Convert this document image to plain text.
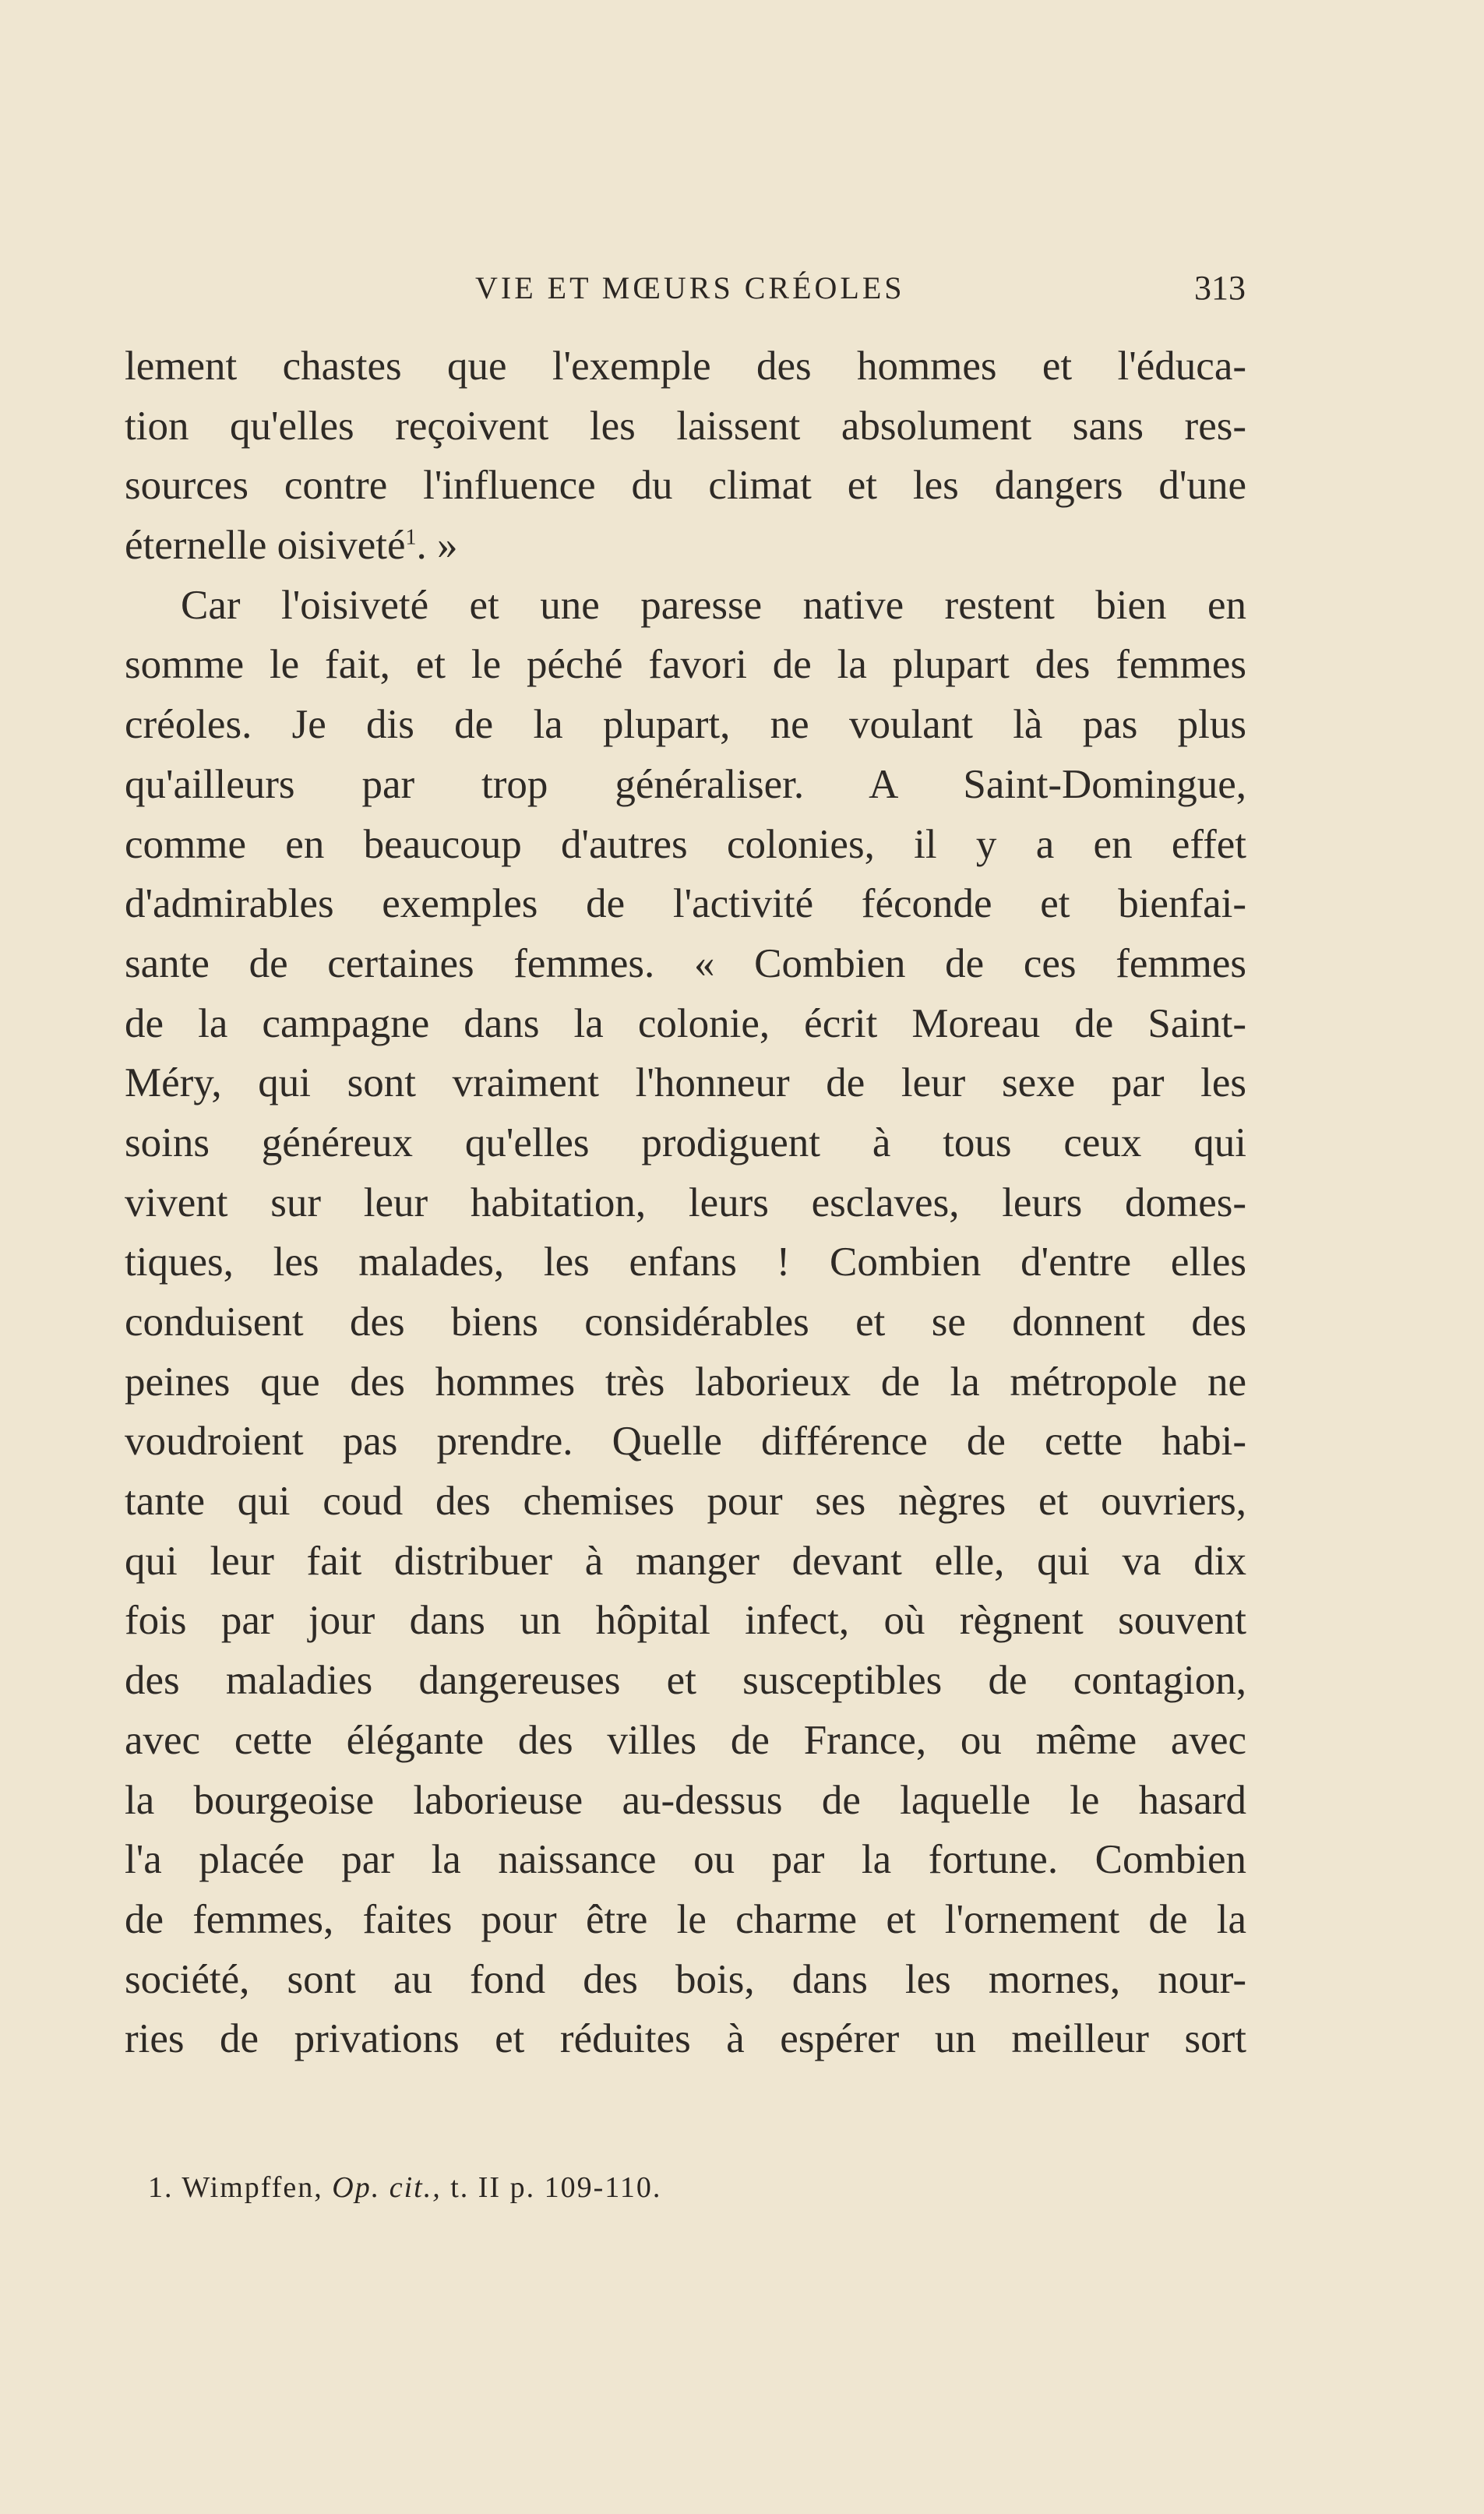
VIE ET MŒURS CRÉOLES	313
lement chastes que l'exemple des hommes et l'éduca-
tion qu'elles reçoivent les laissent absolument sans res-
sources contre l'influence du climat et les dangers d'une
éternelle oisiveté$^1$. »
Car l'oisiveté et une paresse native restent bien en
somme le fait, et le péché favori de la plupart des femmes
créoles. Je dis de la plupart, ne voulant là pas plus
qu'ailleurs par trop généraliser. A Saint-Domingue,
comme en beaucoup d'autres colonies, il y a en effet
d'admirables exemples de l'activité féconde et bienfai-
sante de certaines femmes. « Combien de ces femmes
de la campagne dans la colonie, écrit Moreau de Saint-
Méry, qui sont vraiment l'honneur de leur sexe par les
soins généreux qu'elles prodiguent à tous ceux qui
vivent sur leur habitation, leurs esclaves, leurs domes-
tiques, les malades, les enfans ! Combien d'entre elles
conduisent des biens considérables et se donnent des
peines que des hommes très laborieux de la métropole ne
voudroient pas prendre. Quelle différence de cette habi-
tante qui coud des chemises pour ses nègres et ouvriers,
qui leur fait distribuer à manger devant elle, qui va dix
fois par jour dans un hôpital infect, où règnent souvent
des maladies dangereuses et susceptibles de contagion,
avec cette élégante des villes de France, ou même avec
la bourgeoise laborieuse au-dessus de laquelle le hasard
l'a placée par la naissance ou par la fortune. Combien
de femmes, faites pour être le charme et l'ornement de la
société, sont au fond des bois, dans les mornes, nour-
ries de privations et réduites à espérer un meilleur sort
1. Wimpffen, Op. cit., t. II p. 109-110.
